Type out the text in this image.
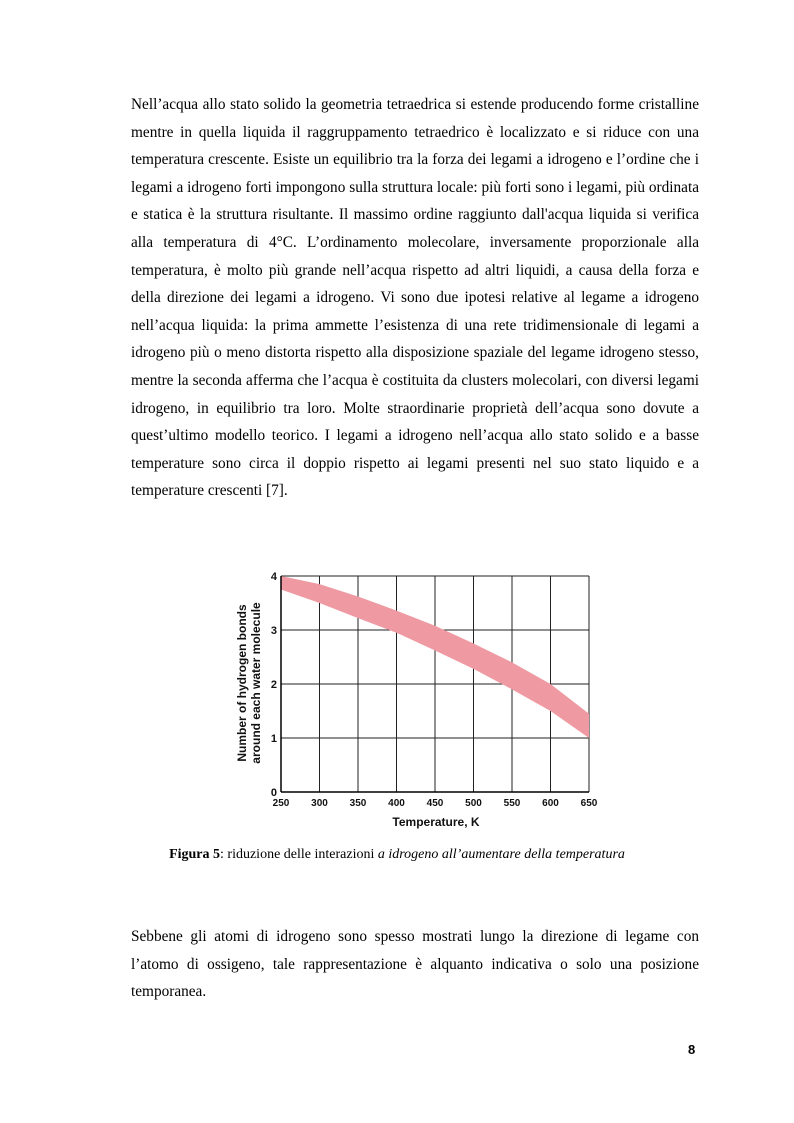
Nell’acqua allo stato solido la geometria tetraedrica si estende producendo forme cristalline mentre in quella liquida il raggruppamento tetraedrico è localizzato e si riduce con una temperatura crescente. Esiste un equilibrio tra la forza dei legami a idrogeno e l’ordine che i legami a idrogeno forti impongono sulla struttura locale: più forti sono i legami, più ordinata e statica è la struttura risultante. Il massimo ordine raggiunto dall'acqua liquida si verifica alla temperatura di 4°C. L’ordinamento molecolare, inversamente proporzionale alla temperatura, è molto più grande nell’acqua rispetto ad altri liquidi, a causa della forza e della direzione dei legami a idrogeno. Vi sono due ipotesi relative al legame a idrogeno nell’acqua liquida: la prima ammette l’esistenza di una rete tridimensionale di legami a idrogeno più o meno distorta rispetto alla disposizione spaziale del legame idrogeno stesso, mentre la seconda afferma che l’acqua è costituita da clusters molecolari, con diversi legami idrogeno, in equilibrio tra loro. Molte straordinarie proprietà dell’acqua sono dovute a quest’ultimo modello teorico. I legami a idrogeno nell’acqua allo stato solido e a basse temperature sono circa il doppio rispetto ai legami presenti nel suo stato liquido e a temperature crescenti [7].

250 300 350 400 450 500 550 600 650
0
1
2
3
4
Temperature, K
Number of hydrogen bonds around each water molecule
Figura 5: riduzione delle interazioni a idrogeno all’aumentare della temperatura

Sebbene gli atomi di idrogeno sono spesso mostrati lungo la direzione di legame con l’atomo di ossigeno, tale rappresentazione è alquanto indicativa o solo una posizione temporanea.

8
